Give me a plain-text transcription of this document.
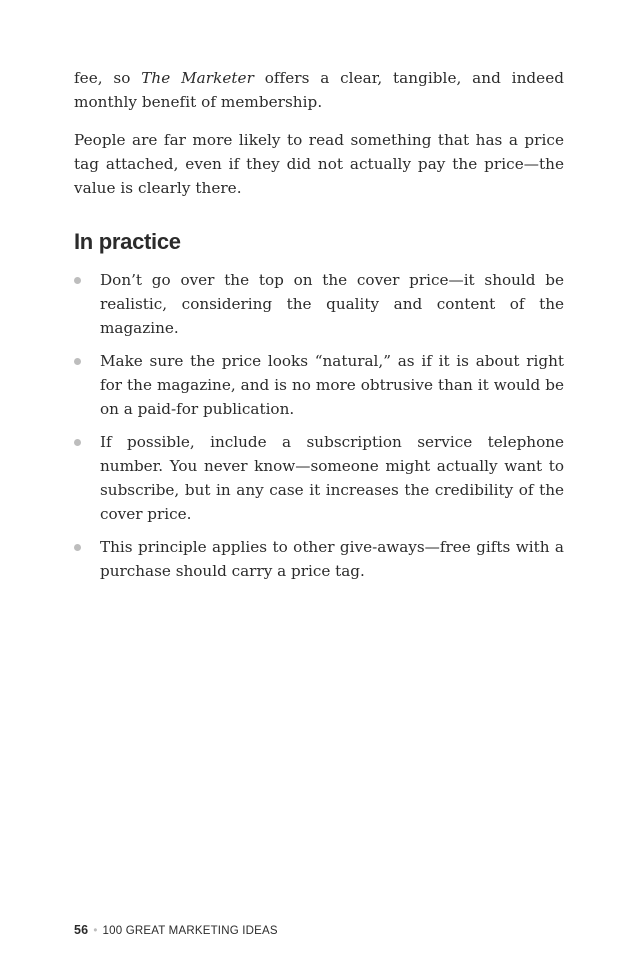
fee, so The Marketer offers a clear, tangible, and indeed monthly benefit of membership.

People are far more likely to read something that has a price tag attached, even if they did not actually pay the price—the value is clearly there.

In practice
Don’t go over the top on the cover price—it should be realistic, considering the quality and content of the magazine.
Make sure the price looks “natural,” as if it is about right for the magazine, and is no more obtrusive than it would be on a paid-for publication.
If possible, include a subscription service telephone number. You never know—someone might actually want to subscribe, but in any case it increases the credibility of the cover price.
This principle applies to other give-aways—free gifts with a purchase should carry a price tag.
56 • 100 GREAT MARKETING IDEAS
